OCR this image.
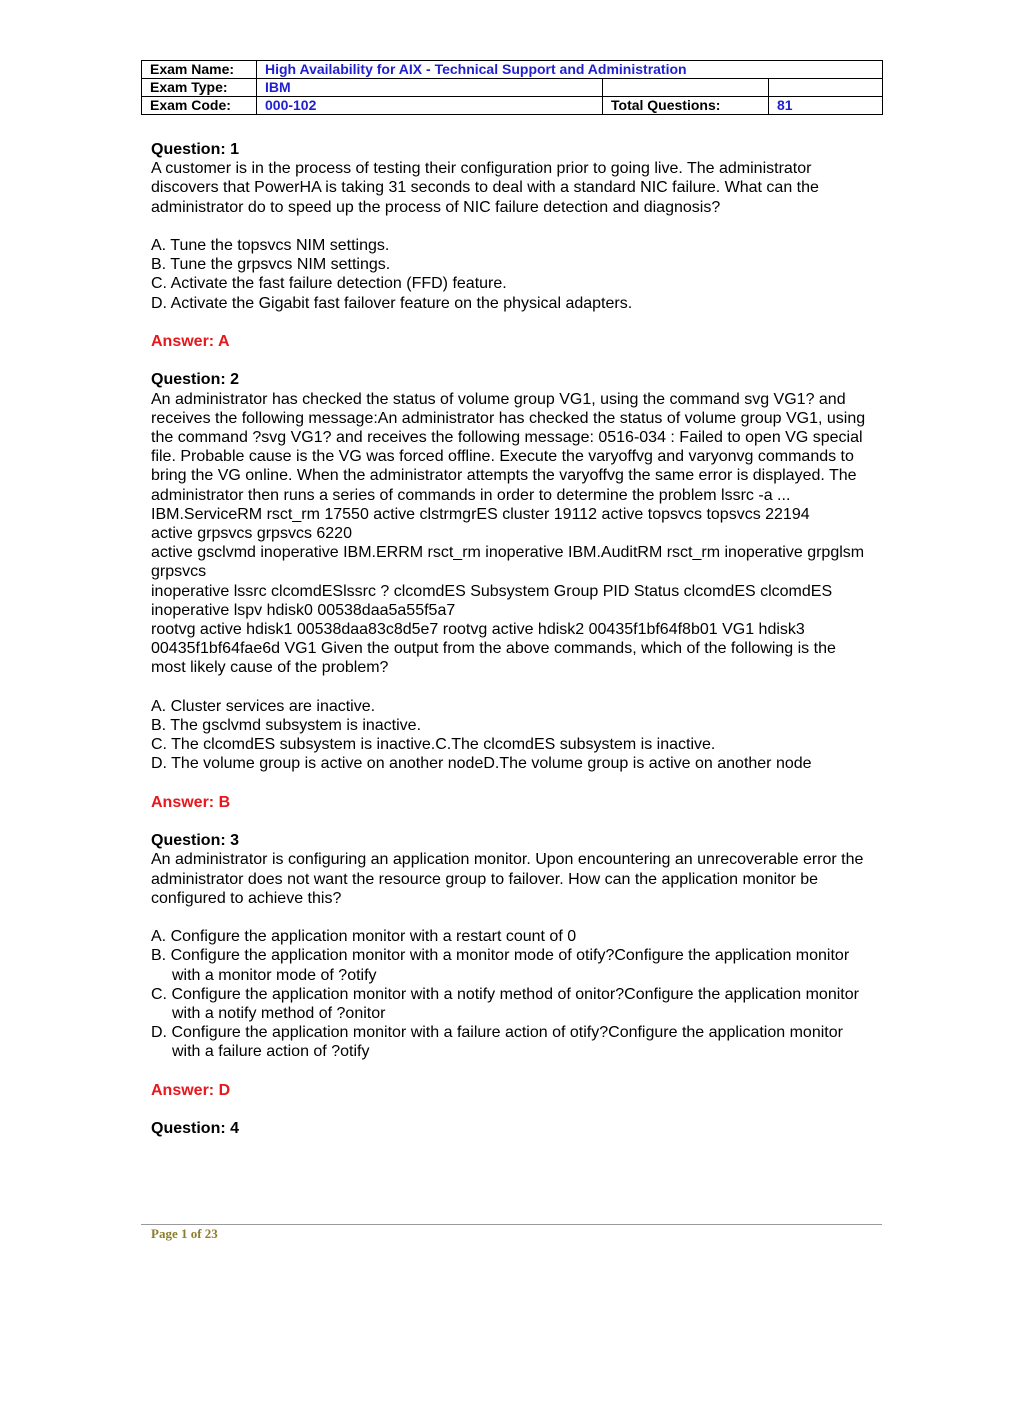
Exam Name:	High Availability for AIX - Technical Support and Administration		
Exam Type:	IBM		
Exam Code:	000-102	Total Questions:	81
Question: 1
A customer is in the process of testing their configuration prior to going live. The administrator discovers that PowerHA is taking 31 seconds to deal with a standard NIC failure. What can the administrator do to speed up the process of NIC failure detection and diagnosis?
A. Tune the topsvcs NIM settings.
B. Tune the grpsvcs NIM settings.
C. Activate the fast failure detection (FFD) feature.
D. Activate the Gigabit fast failover feature on the physical adapters.
Answer: A
Question: 2
An administrator has checked the status of volume group VG1, using the command svg VG1? and receives the following message:An administrator has checked the status of volume group VG1, using the command ?svg VG1? and receives the following message: 0516-034 : Failed to open VG special file. Probable cause is the VG was forced offline. Execute the varyoffvg and varyonvg commands to bring the VG online. When the administrator attempts the varyoffvg the same error is displayed. The administrator then runs a series of commands in order to determine the problem lssrc -a ... IBM.ServiceRM rsct_rm 17550 active clstrmgrES cluster 19112 active topsvcs topsvcs 22194
active grpsvcs grpsvcs 6220
active gsclvmd inoperative IBM.ERRM rsct_rm inoperative IBM.AuditRM rsct_rm inoperative grpglsm
grpsvcs
inoperative lssrc clcomdESlssrc ? clcomdES Subsystem Group PID Status clcomdES clcomdES inoperative lspv hdisk0 00538daa5a55f5a7
rootvg active hdisk1 00538daa83c8d5e7 rootvg active hdisk2 00435f1bf64f8b01 VG1 hdisk3 00435f1bf64fae6d VG1 Given the output from the above commands, which of the following is the most likely cause of the problem?
A. Cluster services are inactive.
B. The gsclvmd subsystem is inactive.
C. The clcomdES subsystem is inactive.C.The clcomdES subsystem is inactive.
D. The volume group is active on another nodeD.The volume group is active on another node
Answer: B
Question: 3
An administrator is configuring an application monitor. Upon encountering an unrecoverable error the administrator does not want the resource group to failover. How can the application monitor be configured to achieve this?
A. Configure the application monitor with a restart count of 0
B. Configure the application monitor with a monitor mode of otify?Configure the application monitor with a monitor mode of ?otify
C. Configure the application monitor with a notify method of onitor?Configure the application monitor with a notify method of ?onitor
D. Configure the application monitor with a failure action of otify?Configure the application monitor with a failure action of ?otify
Answer: D
Question: 4
Page 1 of 23
